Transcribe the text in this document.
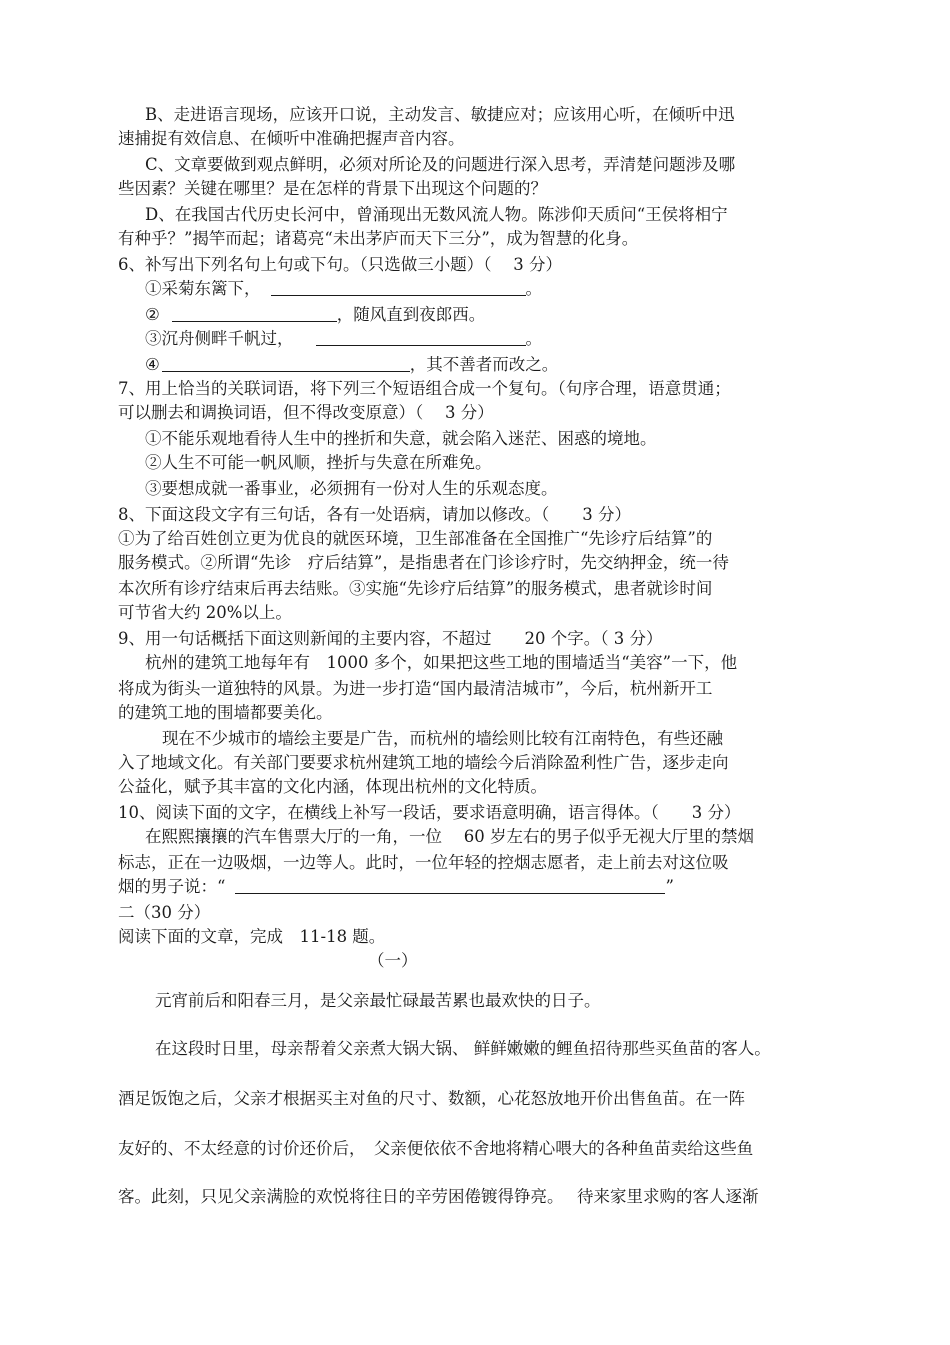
B、走进语言现场，应该开口说，主动发言、敏捷应对；应该用心听，在倾听中迅
速捕捉有效信息、在倾听中准确把握声音内容。
C、文章要做到观点鲜明，必须对所论及的问题进行深入思考，弄清楚问题涉及哪
些因素？关键在哪里？是在怎样的背景下出现这个问题的？
D、在我国古代历史长河中，曾涌现出无数风流人物。陈涉仰天质问“王侯将相宁
有种乎？”揭竿而起；诸葛亮“未出茅庐而天下三分”，成为智慧的化身。
6、补写出下列名句上句或下句。（只选做三小题）（　 3 分）
①采菊东篱下，	。
②	，随风直到夜郎西。
③沉舟侧畔千帆过，	。
④	，其不善者而改之。
7、用上恰当的关联词语，将下列三个短语组合成一个复句。（句序合理，语意贯通；
可以删去和调换词语，但不得改变原意）（　 3 分）
①不能乐观地看待人生中的挫折和失意，就会陷入迷茫、困惑的境地。
②人生不可能一帆风顺，挫折与失意在所难免。
③要想成就一番事业，必须拥有一份对人生的乐观态度。
8、下面这段文字有三句话，各有一处语病，请加以修改。（　　3 分）
①为了给百姓创立更为优良的就医环境，卫生部准备在全国推广“先诊疗后结算”的
服务模式。②所谓“先诊　疗后结算”，是指患者在门诊诊疗时，先交纳押金，统一待
本次所有诊疗结束后再去结账。③实施“先诊疗后结算”的服务模式，患者就诊时间
可节省大约 20%以上。
9、用一句话概括下面这则新闻的主要内容，不超过　　20 个字。（ 3 分）
杭州的建筑工地每年有　1000 多个，如果把这些工地的围墙适当“美容”一下，他
将成为街头一道独特的风景。为进一步打造“国内最清洁城市”，今后，杭州新开工
的建筑工地的围墙都要美化。
现在不少城市的墙绘主要是广告，而杭州的墙绘则比较有江南特色，有些还融
入了地域文化。有关部门要要求杭州建筑工地的墙绘今后消除盈利性广告，逐步走向
公益化，赋予其丰富的文化内涵，体现出杭州的文化特质。
10、阅读下面的文字，在横线上补写一段话，要求语意明确，语言得体。（　　3 分）
在熙熙攘攘的汽车售票大厅的一角，一位　 60 岁左右的男子似乎无视大厅里的禁烟
标志，正在一边吸烟，一边等人。此时，一位年轻的控烟志愿者，走上前去对这位吸
烟的男子说：“	”
二（30 分）
阅读下面的文章，完成　11-18 题。
（一）
元宵前后和阳春三月，是父亲最忙碌最苦累也最欢快的日子。
在这段时日里，母亲帮着父亲煮大锅大锅、 鲜鲜嫩嫩的鲤鱼招待那些买鱼苗的客人。
酒足饭饱之后，父亲才根据买主对鱼的尺寸、数额，心花怒放地开价出售鱼苗。在一阵
友好的、不太经意的讨价还价后，　父亲便依依不舍地将精心喂大的各种鱼苗卖给这些鱼
客。此刻，只见父亲满脸的欢悦将往日的辛劳困倦镀得铮亮。　 待来家里求购的客人逐渐
